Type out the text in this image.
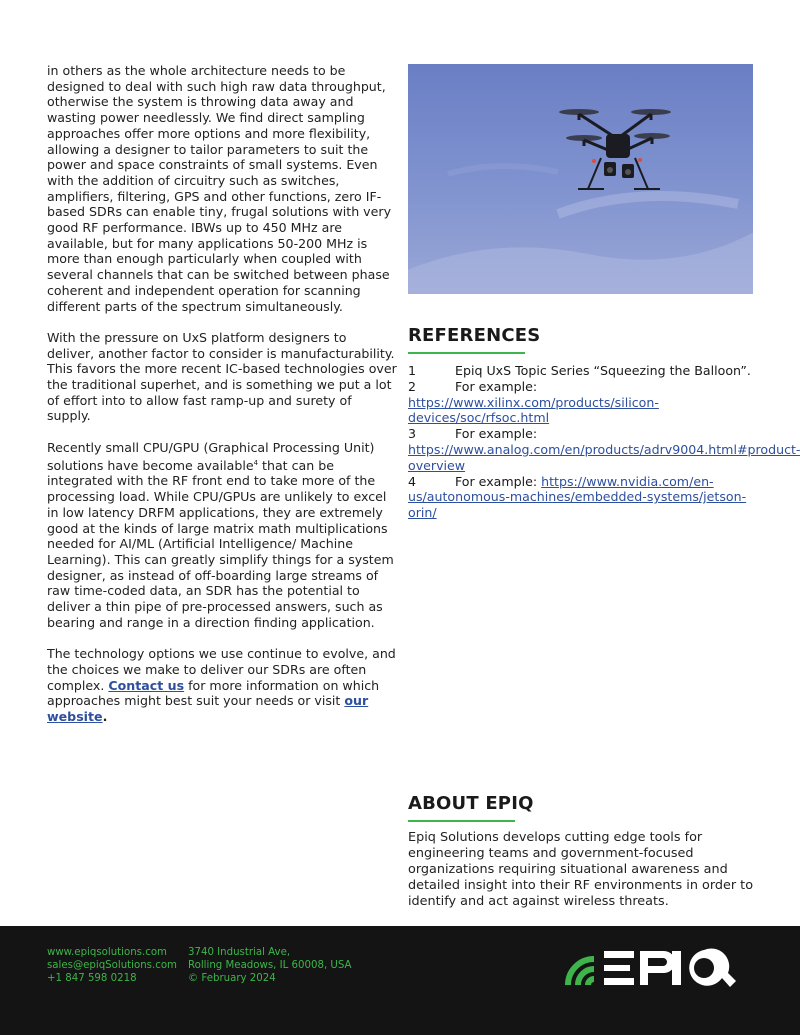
in others as the whole architecture needs to be designed to deal with such high raw data throughput, otherwise the system is throwing data away and wasting power needlessly. We find direct sampling approaches offer more options and more flexibility, allowing a designer to tailor parameters to suit the power and space constraints of small systems. Even with the addition of circuitry such as switches, amplifiers, filtering, GPS and other functions, zero IF-based SDRs can enable tiny, frugal solutions with very good RF performance. IBWs up to 450 MHz are available, but for many applications 50-200 MHz is more than enough particularly when coupled with several channels that can be switched between phase coherent and independent operation for scanning different parts of the spectrum simultaneously.

With the pressure on UxS platform designers to deliver, another factor to consider is manufacturability. This favors the more recent IC-based technologies over the traditional superhet, and is something we put a lot of effort into to allow fast ramp-up and surety of supply.

Recently small CPU/GPU (Graphical Processing Unit) solutions have become available$^4$ that can be integrated with the RF front end to take more of the processing load. While CPU/GPUs are unlikely to excel in low latency DRFM applications, they are extremely good at the kinds of large matrix math multiplications needed for AI/ML (Artificial Intelligence/ Machine Learning). This can greatly simplify things for a system designer, as instead of off-boarding large streams of raw time-coded data, an SDR has the potential to deliver a thin pipe of pre-processed answers, such as bearing and range in a direction finding application.

The technology options we use continue to evolve, and the choices we make to deliver our SDRs are often complex. Contact us for more information on which approaches might best suit your needs or visit our website.

REFERENCES
1	Epiq UxS Topic Series “Squeezing the Balloon”.
2	For example: https://www.xilinx.com/products/silicon-devices/soc/rfsoc.html
3	For example: https://www.analog.com/en/products/adrv9004.html#product-overview
4	For example: https://www.nvidia.com/en-us/autonomous-machines/embedded-systems/jetson-orin/
ABOUT EPIQ

Epiq Solutions develops cutting edge tools for engineering teams and government-focused organizations requiring situational awareness and detailed insight into their RF environments in order to identify and act against wireless threats.

www.epiqsolutions.com
sales@epiqSolutions.com
+1 847 598 0218
3740 Industrial Ave,
Rolling Meadows, IL 60008, USA
© February 2024
